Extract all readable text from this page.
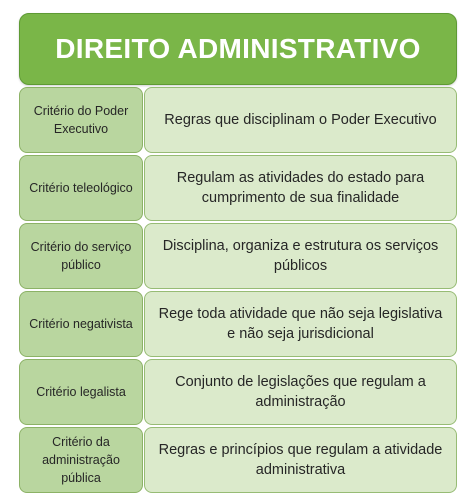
DIREITO ADMINISTRATIVO
Critério do Poder Executivo
Regras que disciplinam o Poder Executivo
Critério teleológico
Regulam as atividades do estado para cumprimento de sua finalidade
Critério do serviço público
Disciplina, organiza e estrutura os serviços públicos
Critério negativista
Rege toda atividade que não seja legislativa e não seja jurisdicional
Critério legalista
Conjunto de legislações que regulam a administração
Critério da administração pública
Regras e princípios que regulam a atividade administrativa
